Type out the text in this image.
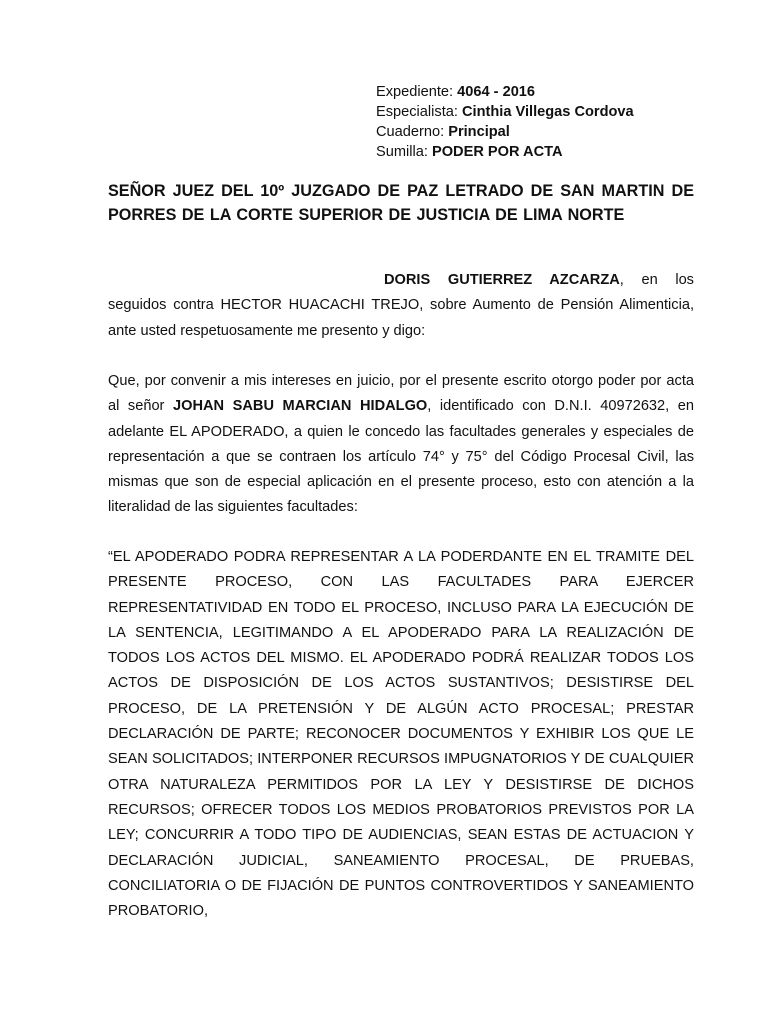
Expediente: 4064 - 2016
Especialista: Cinthia Villegas Cordova
Cuaderno: Principal
Sumilla: PODER POR ACTA
SEÑOR JUEZ DEL 10º JUZGADO DE PAZ LETRADO DE SAN MARTIN DE PORRES DE LA CORTE SUPERIOR DE JUSTICIA DE LIMA NORTE

DORIS GUTIERREZ AZCARZA, en los seguidos contra HECTOR HUACACHI TREJO, sobre Aumento de Pensión Alimenticia, ante usted respetuosamente me presento y digo:

Que, por convenir a mis intereses en juicio, por el presente escrito otorgo poder por acta al señor JOHAN SABU MARCIAN HIDALGO, identificado con D.N.I. 40972632, en adelante EL APODERADO, a quien le concedo las facultades generales y especiales de representación a que se contraen los artículo 74° y 75° del Código Procesal Civil, las mismas que son de especial aplicación en el presente proceso, esto con atención a la literalidad de las siguientes facultades:

“EL APODERADO PODRA REPRESENTAR A LA PODERDANTE EN EL TRAMITE DEL PRESENTE PROCESO, CON LAS FACULTADES PARA EJERCER REPRESENTATIVIDAD EN TODO EL PROCESO, INCLUSO PARA LA EJECUCIÓN DE LA SENTENCIA, LEGITIMANDO A EL APODERADO PARA LA REALIZACIÓN DE TODOS LOS ACTOS DEL MISMO. EL APODERADO PODRÁ REALIZAR TODOS LOS ACTOS DE DISPOSICIÓN DE LOS ACTOS SUSTANTIVOS; DESISTIRSE DEL PROCESO, DE LA PRETENSIÓN Y DE ALGÚN ACTO PROCESAL; PRESTAR DECLARACIÓN DE PARTE; RECONOCER DOCUMENTOS Y EXHIBIR LOS QUE LE SEAN SOLICITADOS; INTERPONER RECURSOS IMPUGNATORIOS Y DE CUALQUIER OTRA NATURALEZA PERMITIDOS POR LA LEY Y DESISTIRSE DE DICHOS RECURSOS; OFRECER TODOS LOS MEDIOS PROBATORIOS PREVISTOS POR LA LEY; CONCURRIR A TODO TIPO DE AUDIENCIAS, SEAN ESTAS DE ACTUACION Y DECLARACIÓN JUDICIAL, SANEAMIENTO PROCESAL, DE PRUEBAS, CONCILIATORIA O DE FIJACIÓN DE PUNTOS CONTROVERTIDOS Y SANEAMIENTO PROBATORIO,
